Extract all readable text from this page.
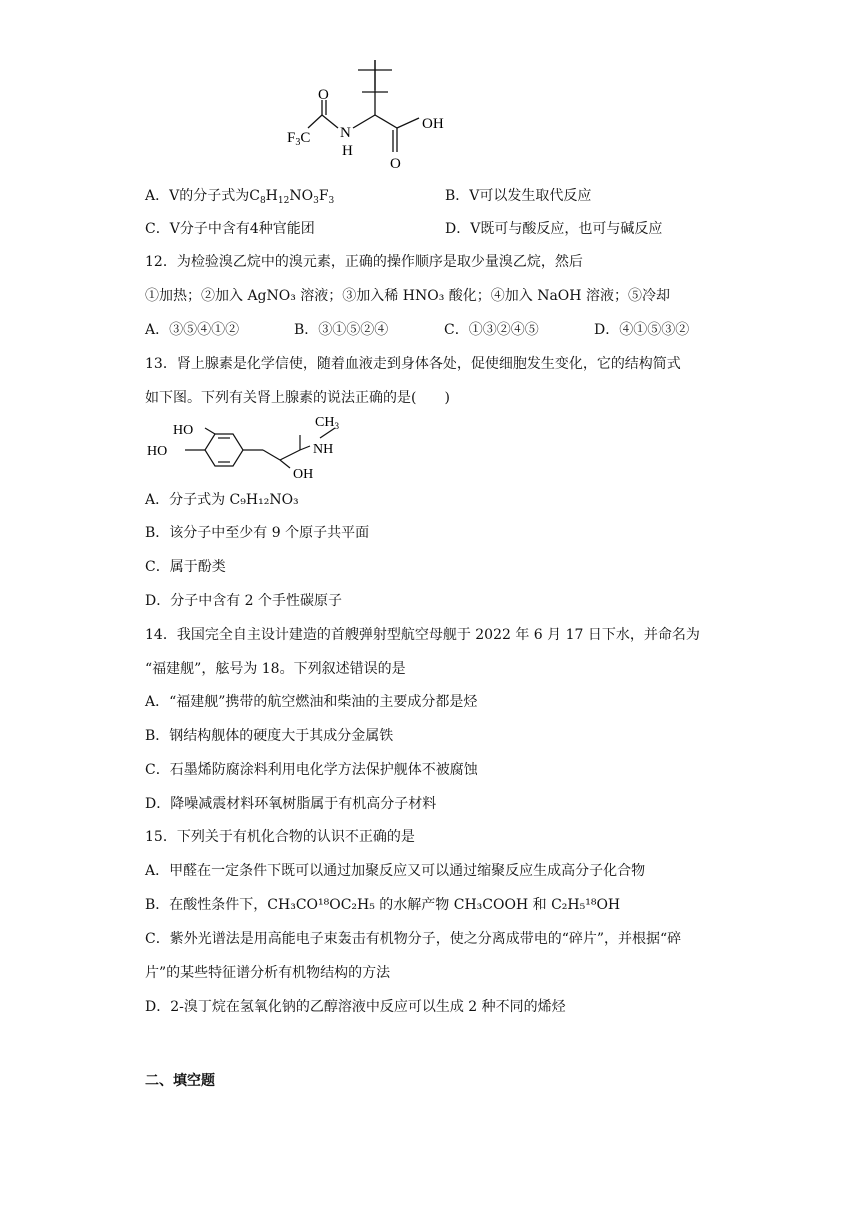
O
$F_3C$ N
H
OH
O
A．V的分子式为$C_8H_{12}NO_3F_3$	B．V可以发生取代反应
C．V分子中含有4种官能团	D．V既可与酸反应，也可与碱反应
12．为检验溴乙烷中的溴元素，正确的操作顺序是取少量溴乙烷，然后
①加热；②加入 AgNO₃ 溶液；③加入稀 HNO₃ 酸化；④加入 NaOH 溶液；⑤冷却
A．③⑤④①②	B．③①⑤②④	C．①③②④⑤	D．④①⑤③②
13．肾上腺素是化学信使，随着血液走到身体各处，促使细胞发生变化，它的结构简式
如下图。下列有关肾上腺素的说法正确的是(　　)
HO
HO
$CH_3$
NH
OH
A．分子式为 C₉H₁₂NO₃
B．该分子中至少有 9 个原子共平面
C．属于酚类
D．分子中含有 2 个手性碳原子
14．我国完全自主设计建造的首艘弹射型航空母舰于 2022 年 6 月 17 日下水，并命名为
“福建舰”，舷号为 18。下列叙述错误的是
A．“福建舰”携带的航空燃油和柴油的主要成分都是烃
B．钢结构舰体的硬度大于其成分金属铁
C．石墨烯防腐涂料利用电化学方法保护舰体不被腐蚀
D．降噪减震材料环氧树脂属于有机高分子材料
15．下列关于有机化合物的认识不正确的是
A．甲醛在一定条件下既可以通过加聚反应又可以通过缩聚反应生成高分子化合物
B．在酸性条件下，CH₃CO¹⁸OC₂H₅ 的水解产物 CH₃COOH 和 C₂H₅¹⁸OH
C．紫外光谱法是用高能电子束轰击有机物分子，使之分离成带电的“碎片”，并根据“碎
片”的某些特征谱分析有机物结构的方法
D．2-溴丁烷在氢氧化钠的乙醇溶液中反应可以生成 2 种不同的烯烃
二、填空题
